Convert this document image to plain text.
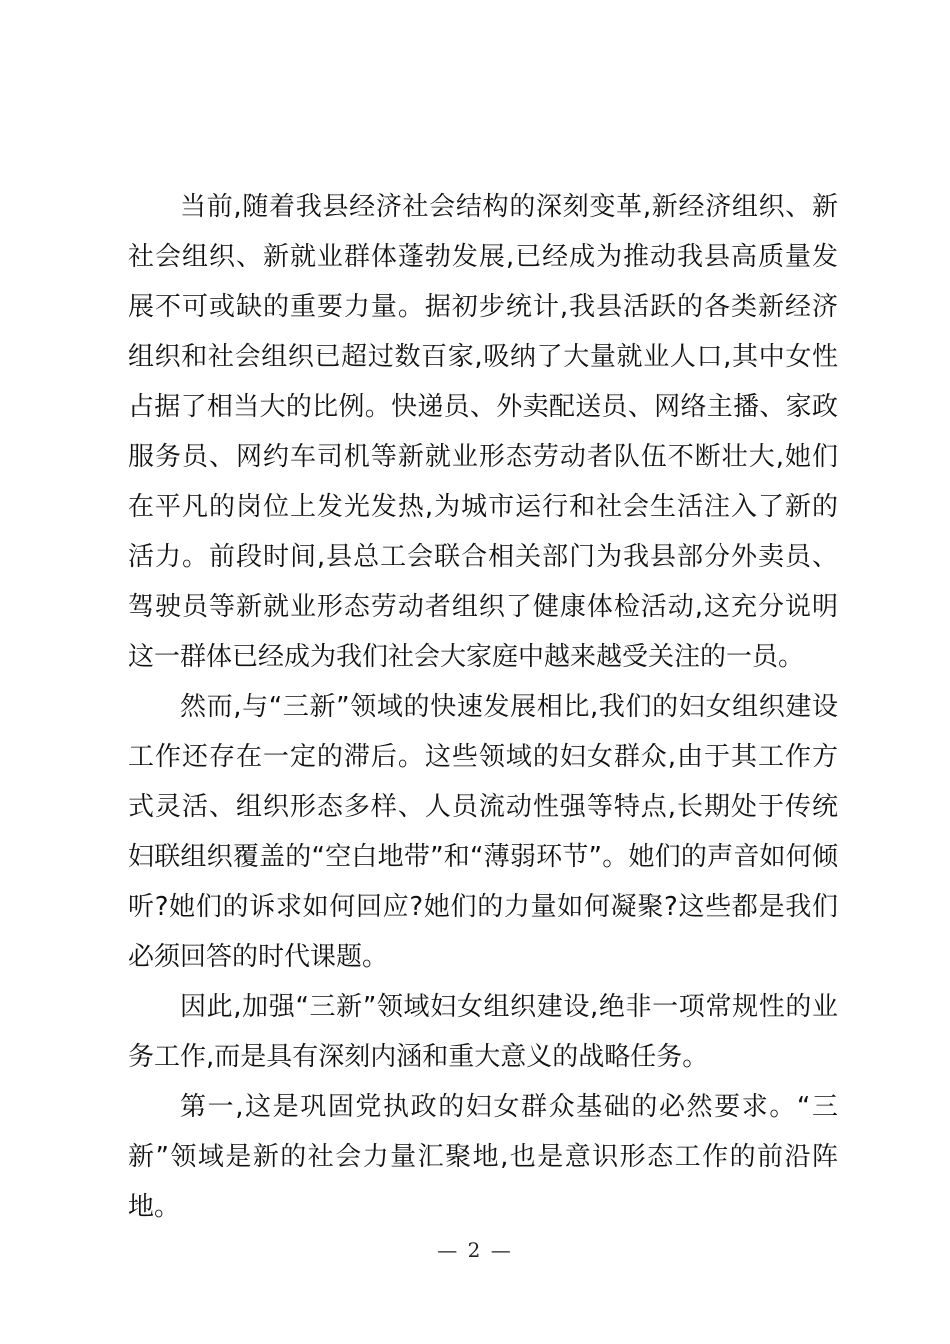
当前,随着我县经济社会结构的深刻变革,新经济组织、新社会组织、新就业群体蓬勃发展,已经成为推动我县高质量发展不可或缺的重要力量。据初步统计,我县活跃的各类新经济组织和社会组织已超过数百家,吸纳了大量就业人口,其中女性占据了相当大的比例。快递员、外卖配送员、网络主播、家政服务员、网约车司机等新就业形态劳动者队伍不断壮大,她们在平凡的岗位上发光发热,为城市运行和社会生活注入了新的活力。前段时间,县总工会联合相关部门为我县部分外卖员、驾驶员等新就业形态劳动者组织了健康体检活动,这充分说明这一群体已经成为我们社会大家庭中越来越受关注的一员。

然而,与“三新”领域的快速发展相比,我们的妇女组织建设工作还存在一定的滞后。这些领域的妇女群众,由于其工作方式灵活、组织形态多样、人员流动性强等特点,长期处于传统妇联组织覆盖的“空白地带”和“薄弱环节”。她们的声音如何倾听?她们的诉求如何回应?她们的力量如何凝聚?这些都是我们必须回答的时代课题。

因此,加强“三新”领域妇女组织建设,绝非一项常规性的业务工作,而是具有深刻内涵和重大意义的战略任务。

第一,这是巩固党执政的妇女群众基础的必然要求。“三新”领域是新的社会力量汇聚地,也是意识形态工作的前沿阵地。

— 2 —
